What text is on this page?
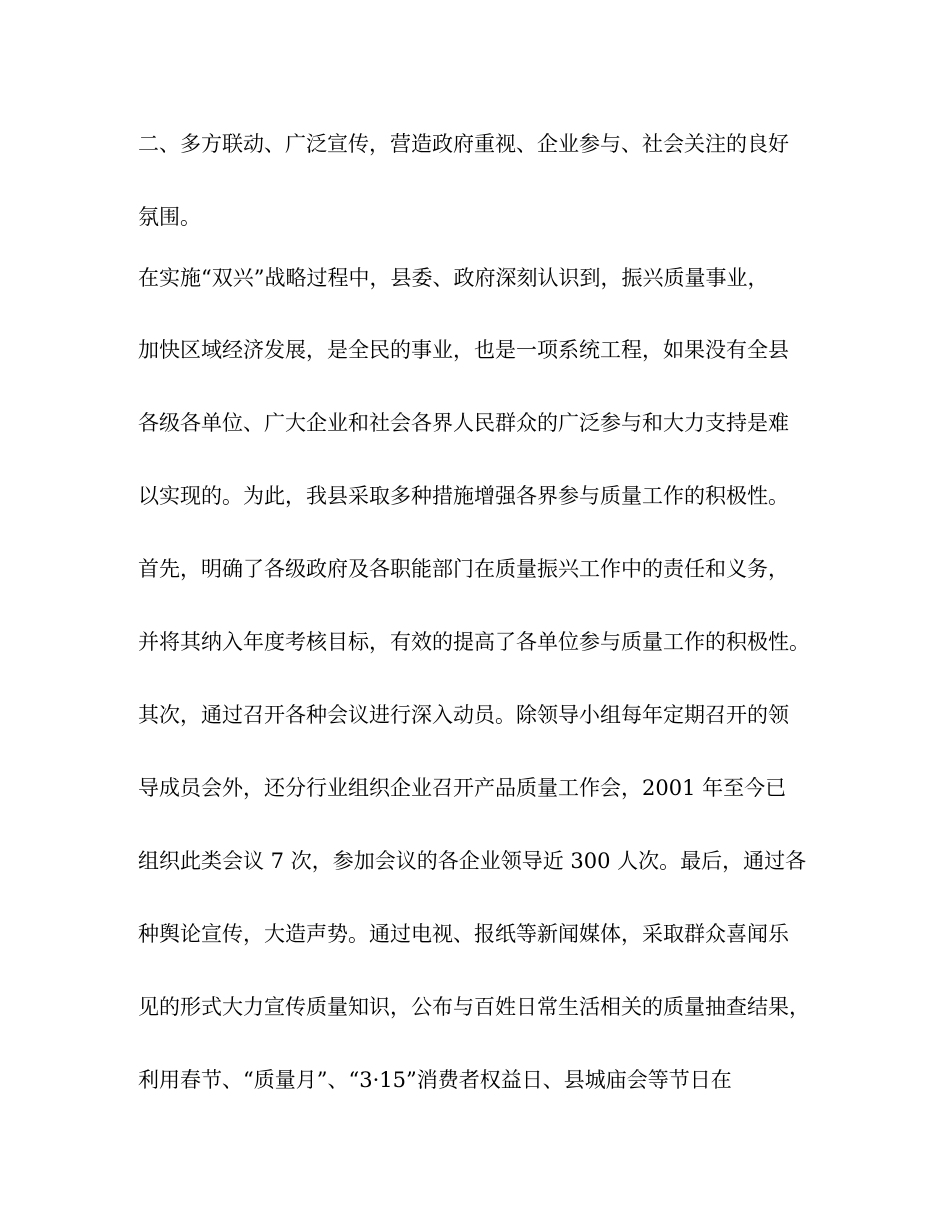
二、多方联动、广泛宣传，营造政府重视、企业参与、社会关注的良好

氛围。

在实施“双兴”战略过程中，县委、政府深刻认识到，振兴质量事业，

加快区域经济发展，是全民的事业，也是一项系统工程，如果没有全县

各级各单位、广大企业和社会各界人民群众的广泛参与和大力支持是难

以实现的。为此，我县采取多种措施增强各界参与质量工作的积极性。

首先，明确了各级政府及各职能部门在质量振兴工作中的责任和义务，

并将其纳入年度考核目标，有效的提高了各单位参与质量工作的积极性。

其次，通过召开各种会议进行深入动员。除领导小组每年定期召开的领

导成员会外，还分行业组织企业召开产品质量工作会，2001 年至今已

组织此类会议 7 次，参加会议的各企业领导近 300 人次。最后，通过各

种舆论宣传，大造声势。通过电视、报纸等新闻媒体，采取群众喜闻乐

见的形式大力宣传质量知识，公布与百姓日常生活相关的质量抽查结果，

利用春节、“质量月”、“3·15”消费者权益日、县城庙会等节日在
